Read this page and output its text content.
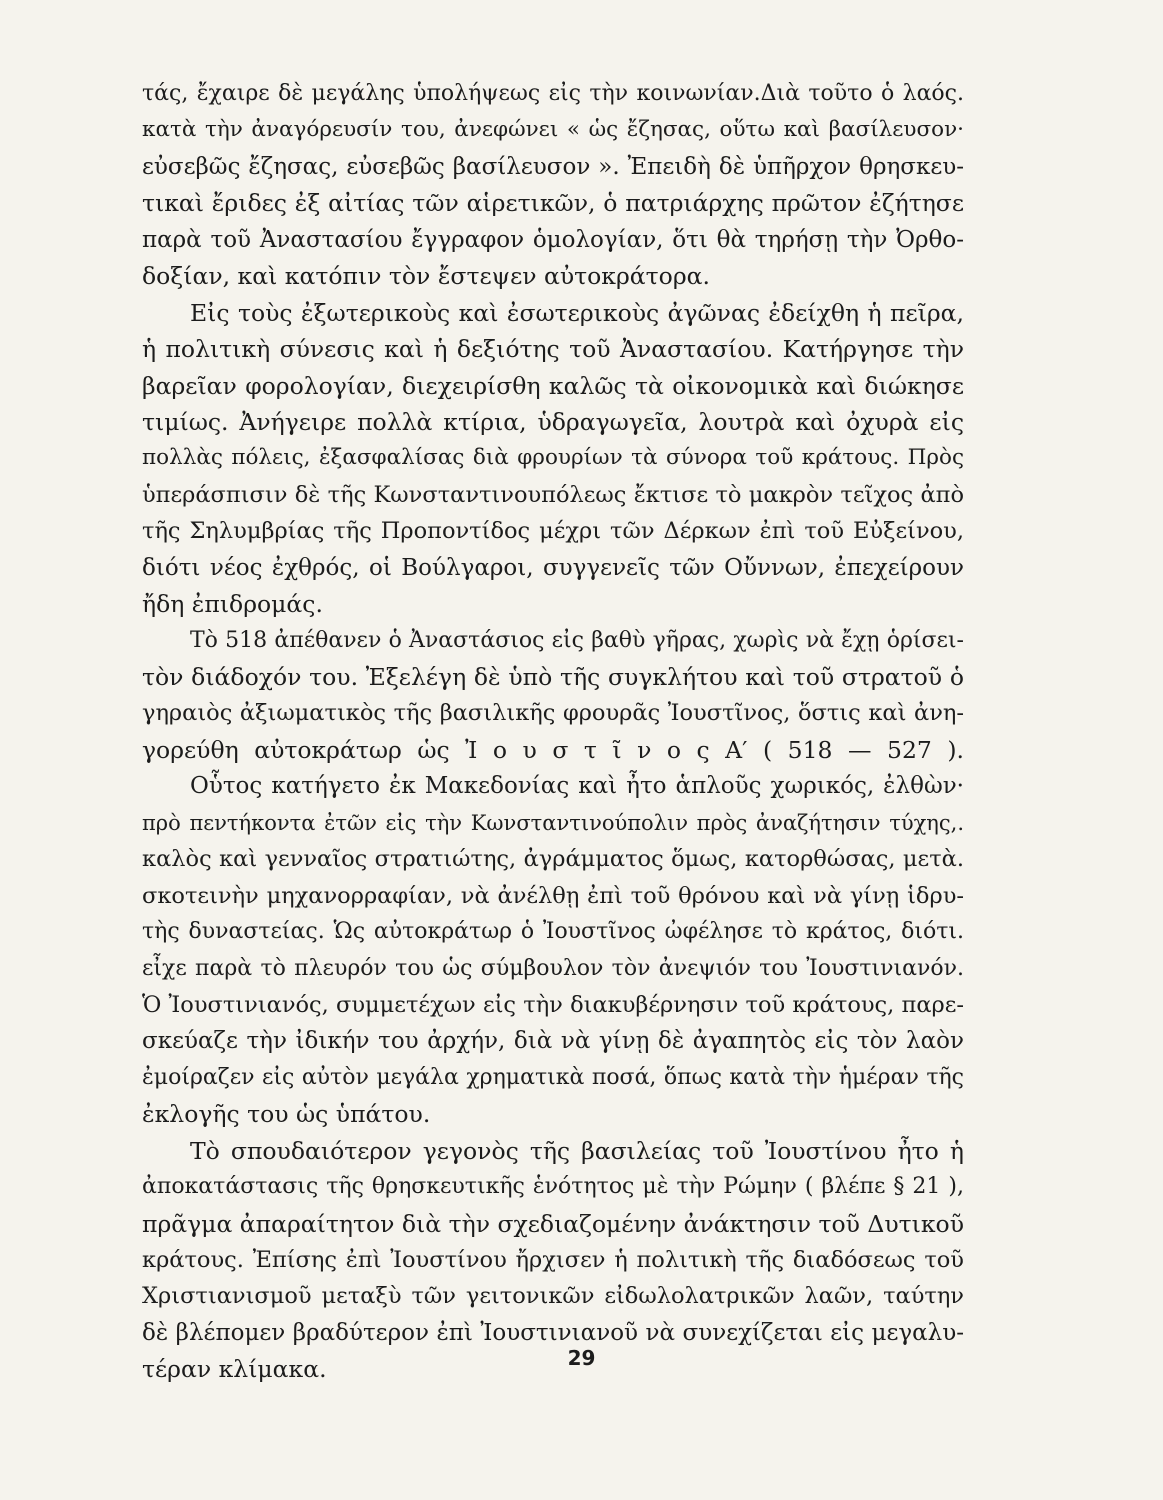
τάς, ἔχαιρε δὲ μεγάλης ὑπολήψεως εἰς τὴν κοινωνίαν.Διὰ τοῦτο ὁ λαός.
κατὰ τὴν ἀναγόρευσίν του, ἀνεφώνει « ὡς ἔζησας, οὕτω καὶ βασίλευσον·
εὐσεβῶς ἔζησας, εὐσεβῶς βασίλευσον ». Ἐπειδὴ δὲ ὑπῆρχον θρησκευ-
τικαὶ ἔριδες ἐξ αἰτίας τῶν αἱρετικῶν, ὁ πατριάρχης πρῶτον ἐζήτησε
παρὰ τοῦ Ἀναστασίου ἔγγραφον ὁμολογίαν, ὅτι θὰ τηρήσῃ τὴν Ὀρθο-
δοξίαν, καὶ κατόπιν τὸν ἔστεψεν αὐτοκράτορα.
Εἰς τοὺς ἐξωτερικοὺς καὶ ἐσωτερικοὺς ἀγῶνας ἐδείχθη ἡ πεῖρα,
ἡ πολιτικὴ σύνεσις καὶ ἡ δεξιότης τοῦ Ἀναστασίου. Κατήργησε τὴν
βαρεῖαν φορολογίαν, διεχειρίσθη καλῶς τὰ οἰκονομικὰ καὶ διώκησε
τιμίως. Ἀνήγειρε πολλὰ κτίρια, ὑδραγωγεῖα, λουτρὰ καὶ ὀχυρὰ εἰς
πολλὰς πόλεις, ἐξασφαλίσας διὰ φρουρίων τὰ σύνορα τοῦ κράτους. Πρὸς
ὑπεράσπισιν δὲ τῆς Κωνσταντινουπόλεως ἔκτισε τὸ μακρὸν τεῖχος ἀπὸ
τῆς Σηλυμβρίας τῆς Προποντίδος μέχρι τῶν Δέρκων ἐπὶ τοῦ Εὐξείνου,
διότι νέος ἐχθρός, οἱ Βούλγαροι, συγγενεῖς τῶν Οὔννων, ἐπεχείρουν
ἤδη ἐπιδρομάς.
Τὸ 518 ἀπέθανεν ὁ Ἀναστάσιος εἰς βαθὺ γῆρας, χωρὶς νὰ ἔχῃ ὁρίσει-
τὸν διάδοχόν του. Ἐξελέγη δὲ ὑπὸ τῆς συγκλήτου καὶ τοῦ στρατοῦ ὁ
γηραιὸς ἀξιωματικὸς τῆς βασιλικῆς φρουρᾶς Ἰουστῖνος, ὅστις καὶ ἀνη-
γορεύθη αὐτοκράτωρ ὡς Ἰ ο υ σ τ ῖ ν ο ς Α′ ( 518 — 527 ).
Οὗτος κατήγετο ἐκ Μακεδονίας καὶ ἦτο ἁπλοῦς χωρικός, ἐλθὼν·
πρὸ πεντήκοντα ἐτῶν εἰς τὴν Κωνσταντινούπολιν πρὸς ἀναζήτησιν τύχης,.
καλὸς καὶ γενναῖος στρατιώτης, ἀγράμματος ὅμως, κατορθώσας, μετὰ.
σκοτεινὴν μηχανορραφίαν, νὰ ἀνέλθῃ ἐπὶ τοῦ θρόνου καὶ νὰ γίνῃ ἱδρυ-
τὴς δυναστείας. Ὡς αὐτοκράτωρ ὁ Ἰουστῖνος ὠφέλησε τὸ κράτος, διότι.
εἶχε παρὰ τὸ πλευρόν του ὡς σύμβουλον τὸν ἀνεψιόν του Ἰουστινιανόν.
Ὁ Ἰουστινιανός, συμμετέχων εἰς τὴν διακυβέρνησιν τοῦ κράτους, παρε-
σκεύαζε τὴν ἰδικήν του ἀρχήν, διὰ νὰ γίνῃ δὲ ἀγαπητὸς εἰς τὸν λαὸν
ἐμοίραζεν εἰς αὐτὸν μεγάλα χρηματικὰ ποσά, ὅπως κατὰ τὴν ἡμέραν τῆς
ἐκλογῆς του ὡς ὑπάτου.
Τὸ σπουδαιότερον γεγονὸς τῆς βασιλείας τοῦ Ἰουστίνου ἦτο ἡ
ἀποκατάστασις τῆς θρησκευτικῆς ἑνότητος μὲ τὴν Ρώμην ( βλέπε § 21 ),
πρᾶγμα ἀπαραίτητον διὰ τὴν σχεδιαζομένην ἀνάκτησιν τοῦ Δυτικοῦ
κράτους. Ἐπίσης ἐπὶ Ἰουστίνου ἤρχισεν ἡ πολιτικὴ τῆς διαδόσεως τοῦ
Χριστιανισμοῦ μεταξὺ τῶν γειτονικῶν εἰδωλολατρικῶν λαῶν, ταύτην
δὲ βλέπομεν βραδύτερον ἐπὶ Ἰουστινιανοῦ νὰ συνεχίζεται εἰς μεγαλυ-
τέραν κλίμακα.	29
